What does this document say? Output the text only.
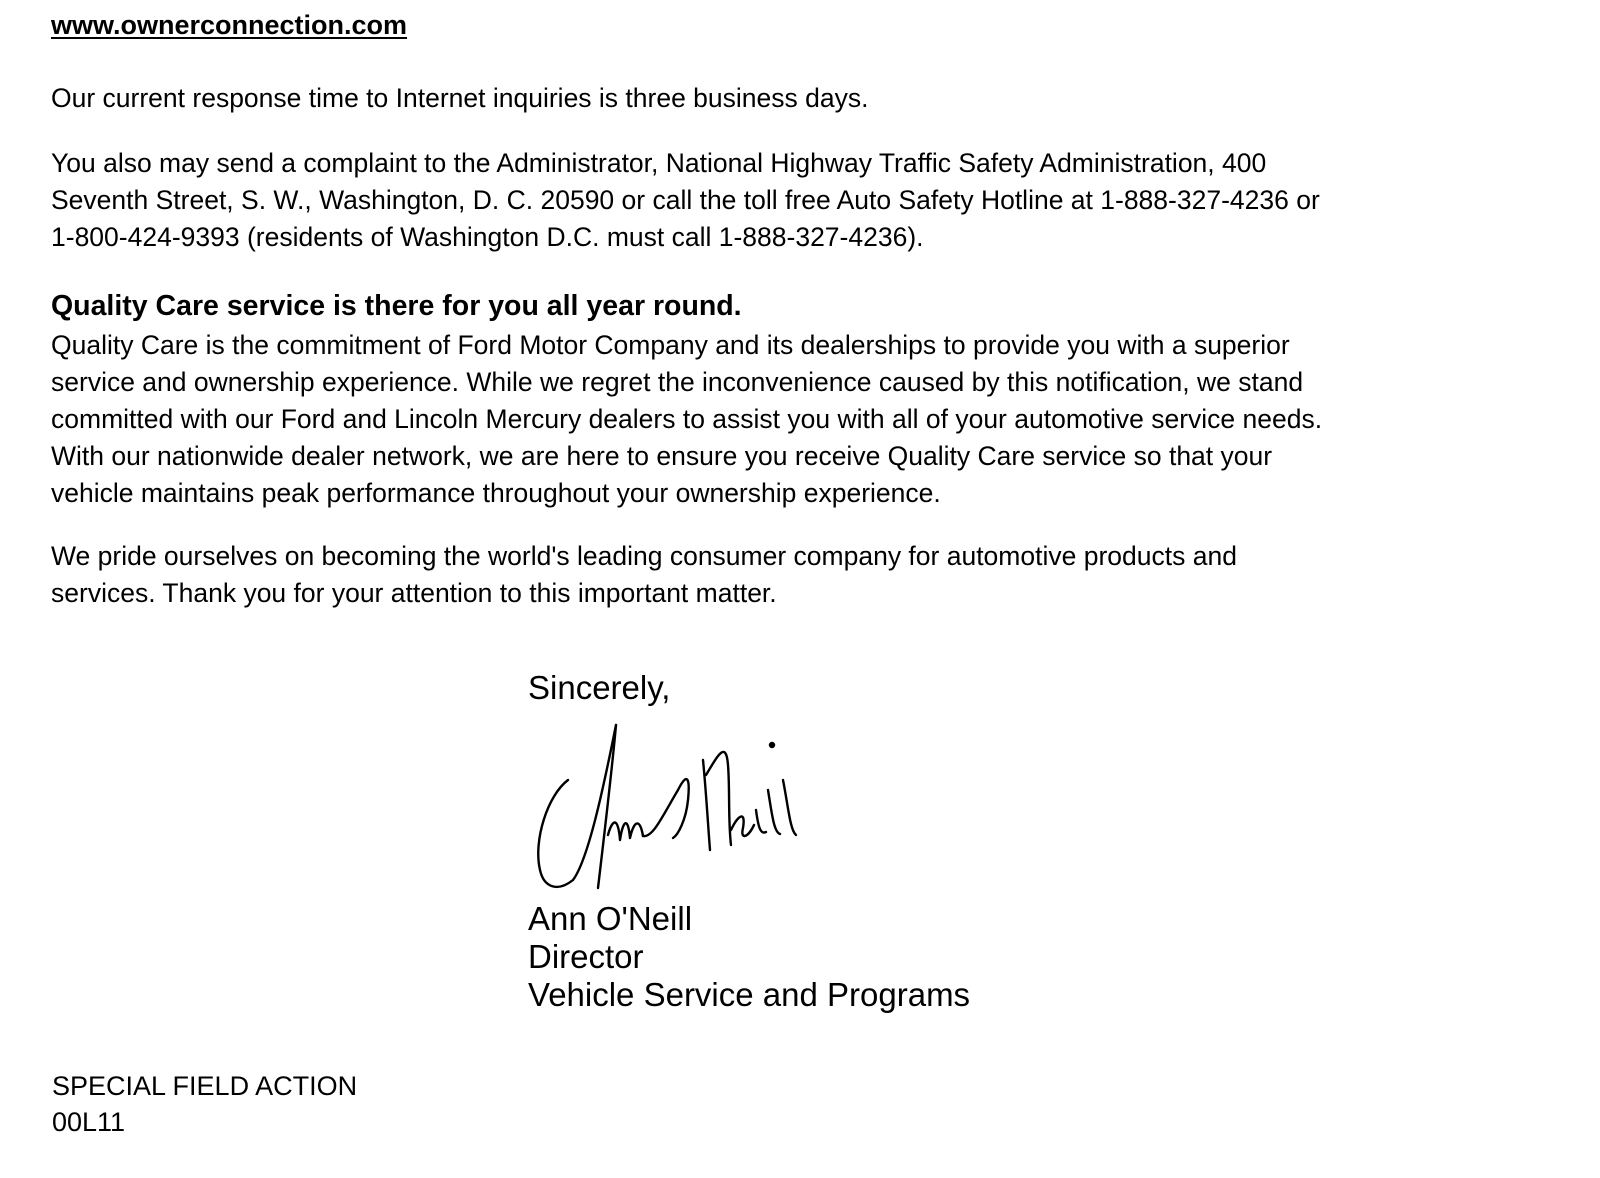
www.ownerconnection.com

Our current response time to Internet inquiries is three business days.

You also may send a complaint to the Administrator, National Highway Traffic Safety Administration, 400
Seventh Street, S. W., Washington, D. C. 20590 or call the toll free Auto Safety Hotline at 1-888-327-4236 or
1-800-424-9393 (residents of Washington D.C. must call 1-888-327-4236).

Quality Care service is there for you all year round.

Quality Care is the commitment of Ford Motor Company and its dealerships to provide you with a superior
service and ownership experience. While we regret the inconvenience caused by this notification, we stand
committed with our Ford and Lincoln Mercury dealers to assist you with all of your automotive service needs.
With our nationwide dealer network, we are here to ensure you receive Quality Care service so that your
vehicle maintains peak performance throughout your ownership experience.

We pride ourselves on becoming the world's leading consumer company for automotive products and
services. Thank you for your attention to this important matter.

Sincerely,
Ann O'Neill
Director
Vehicle Service and Programs
SPECIAL FIELD ACTION
00L11
